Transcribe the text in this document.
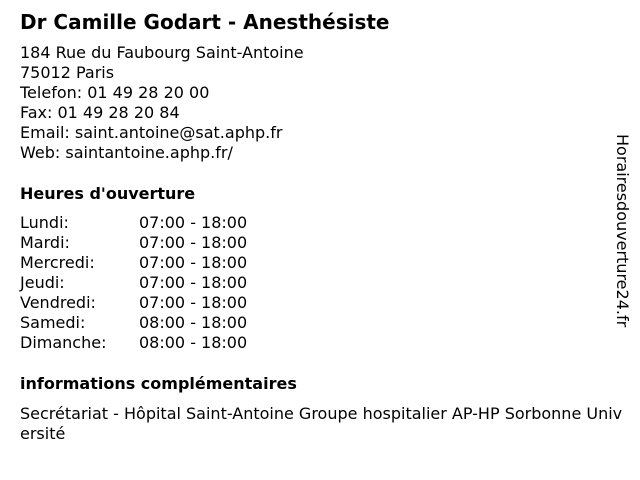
Dr Camille Godart - Anesthésiste
184 Rue du Faubourg Saint-Antoine
75012 Paris
Telefon: 01 49 28 20 00
Fax: 01 49 28 20 84
Email: saint.antoine@sat.aphp.fr
Web: saintantoine.aphp.fr/
Heures d'ouverture
Lundi:	07:00 - 18:00
Mardi:	07:00 - 18:00
Mercredi:	07:00 - 18:00
Jeudi:	07:00 - 18:00
Vendredi:	07:00 - 18:00
Samedi:	08:00 - 18:00
Dimanche: 08:00 - 18:00
informations complémentaires
Secrétariat - Hôpital Saint-Antoine Groupe hospitalier AP-HP Sorbonne Université
Horairesdouverture24.fr
